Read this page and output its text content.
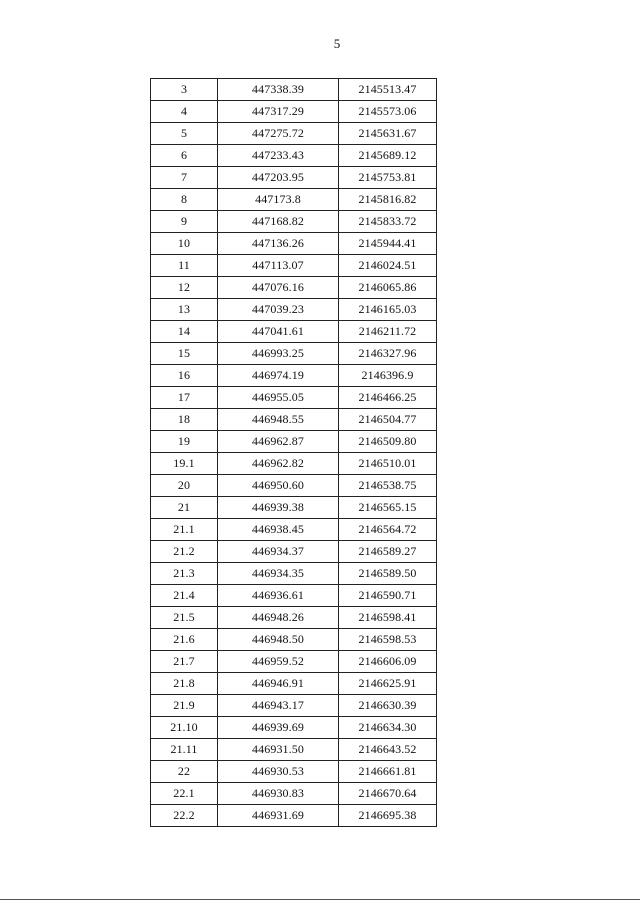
5
3	447338.39	2145513.47
4	447317.29	2145573.06
5	447275.72	2145631.67
6	447233.43	2145689.12
7	447203.95	2145753.81
8	447173.8	2145816.82
9	447168.82	2145833.72
10	447136.26	2145944.41
11	447113.07	2146024.51
12	447076.16	2146065.86
13	447039.23	2146165.03
14	447041.61	2146211.72
15	446993.25	2146327.96
16	446974.19	2146396.9
17	446955.05	2146466.25
18	446948.55	2146504.77
19	446962.87	2146509.80
19.1	446962.82	2146510.01
20	446950.60	2146538.75
21	446939.38	2146565.15
21.1	446938.45	2146564.72
21.2	446934.37	2146589.27
21.3	446934.35	2146589.50
21.4	446936.61	2146590.71
21.5	446948.26	2146598.41
21.6	446948.50	2146598.53
21.7	446959.52	2146606.09
21.8	446946.91	2146625.91
21.9	446943.17	2146630.39
21.10	446939.69	2146634.30
21.11	446931.50	2146643.52
22	446930.53	2146661.81
22.1	446930.83	2146670.64
22.2	446931.69	2146695.38
